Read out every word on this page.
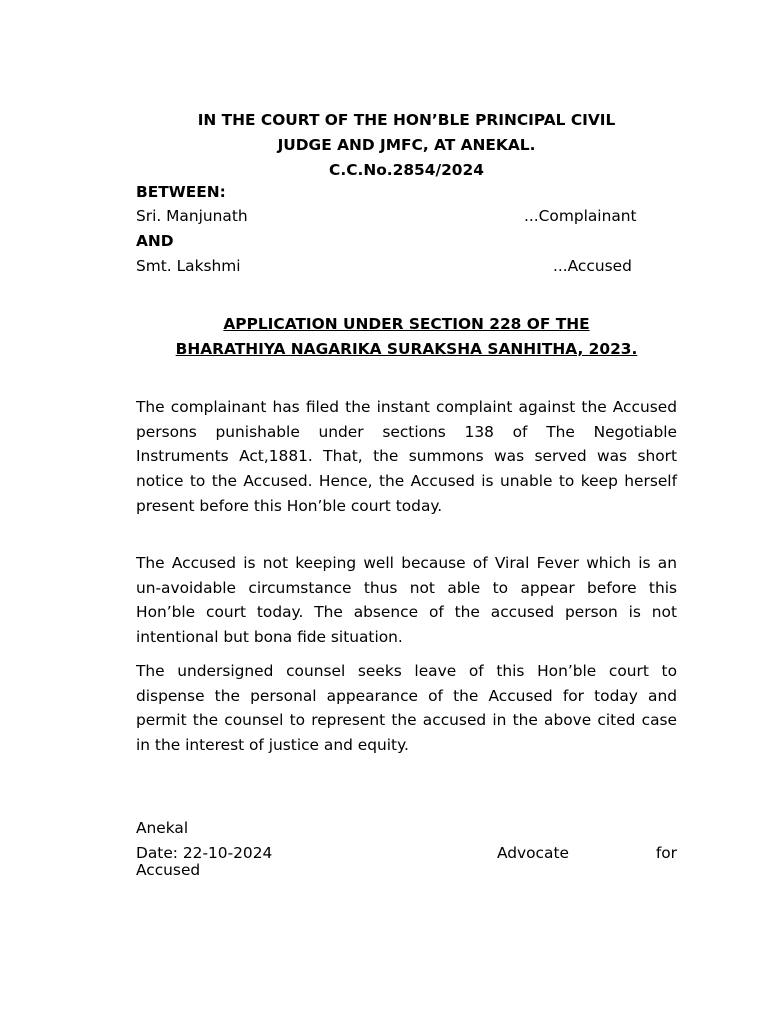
IN THE COURT OF THE HON’BLE PRINCIPAL CIVIL
JUDGE AND JMFC, AT ANEKAL.
C.C.No.2854/2024
BETWEEN:
Sri. Manjunath	...Complainant
AND
Smt. Lakshmi	...Accused
APPLICATION UNDER SECTION 228 OF THE
BHARATHIYA NAGARIKA SURAKSHA SANHITHA, 2023.

The complainant has filed the instant complaint against the Accused persons punishable under sections 138 of The Negotiable Instruments Act,1881. That, the summons was served was short notice to the Accused. Hence, the Accused is unable to keep herself present before this Hon’ble court today.

The Accused is not keeping well because of Viral Fever which is an un-avoidable circumstance thus not able to appear before this Hon’ble court today. The absence of the accused person is not intentional but bona fide situation.

The undersigned counsel seeks leave of this Hon’ble court to dispense the personal appearance of the Accused for today and permit the counsel to represent the accused in the above cited case in the interest of justice and equity.

Anekal
Date: 22-10-2024	Advocate	for
Accused
